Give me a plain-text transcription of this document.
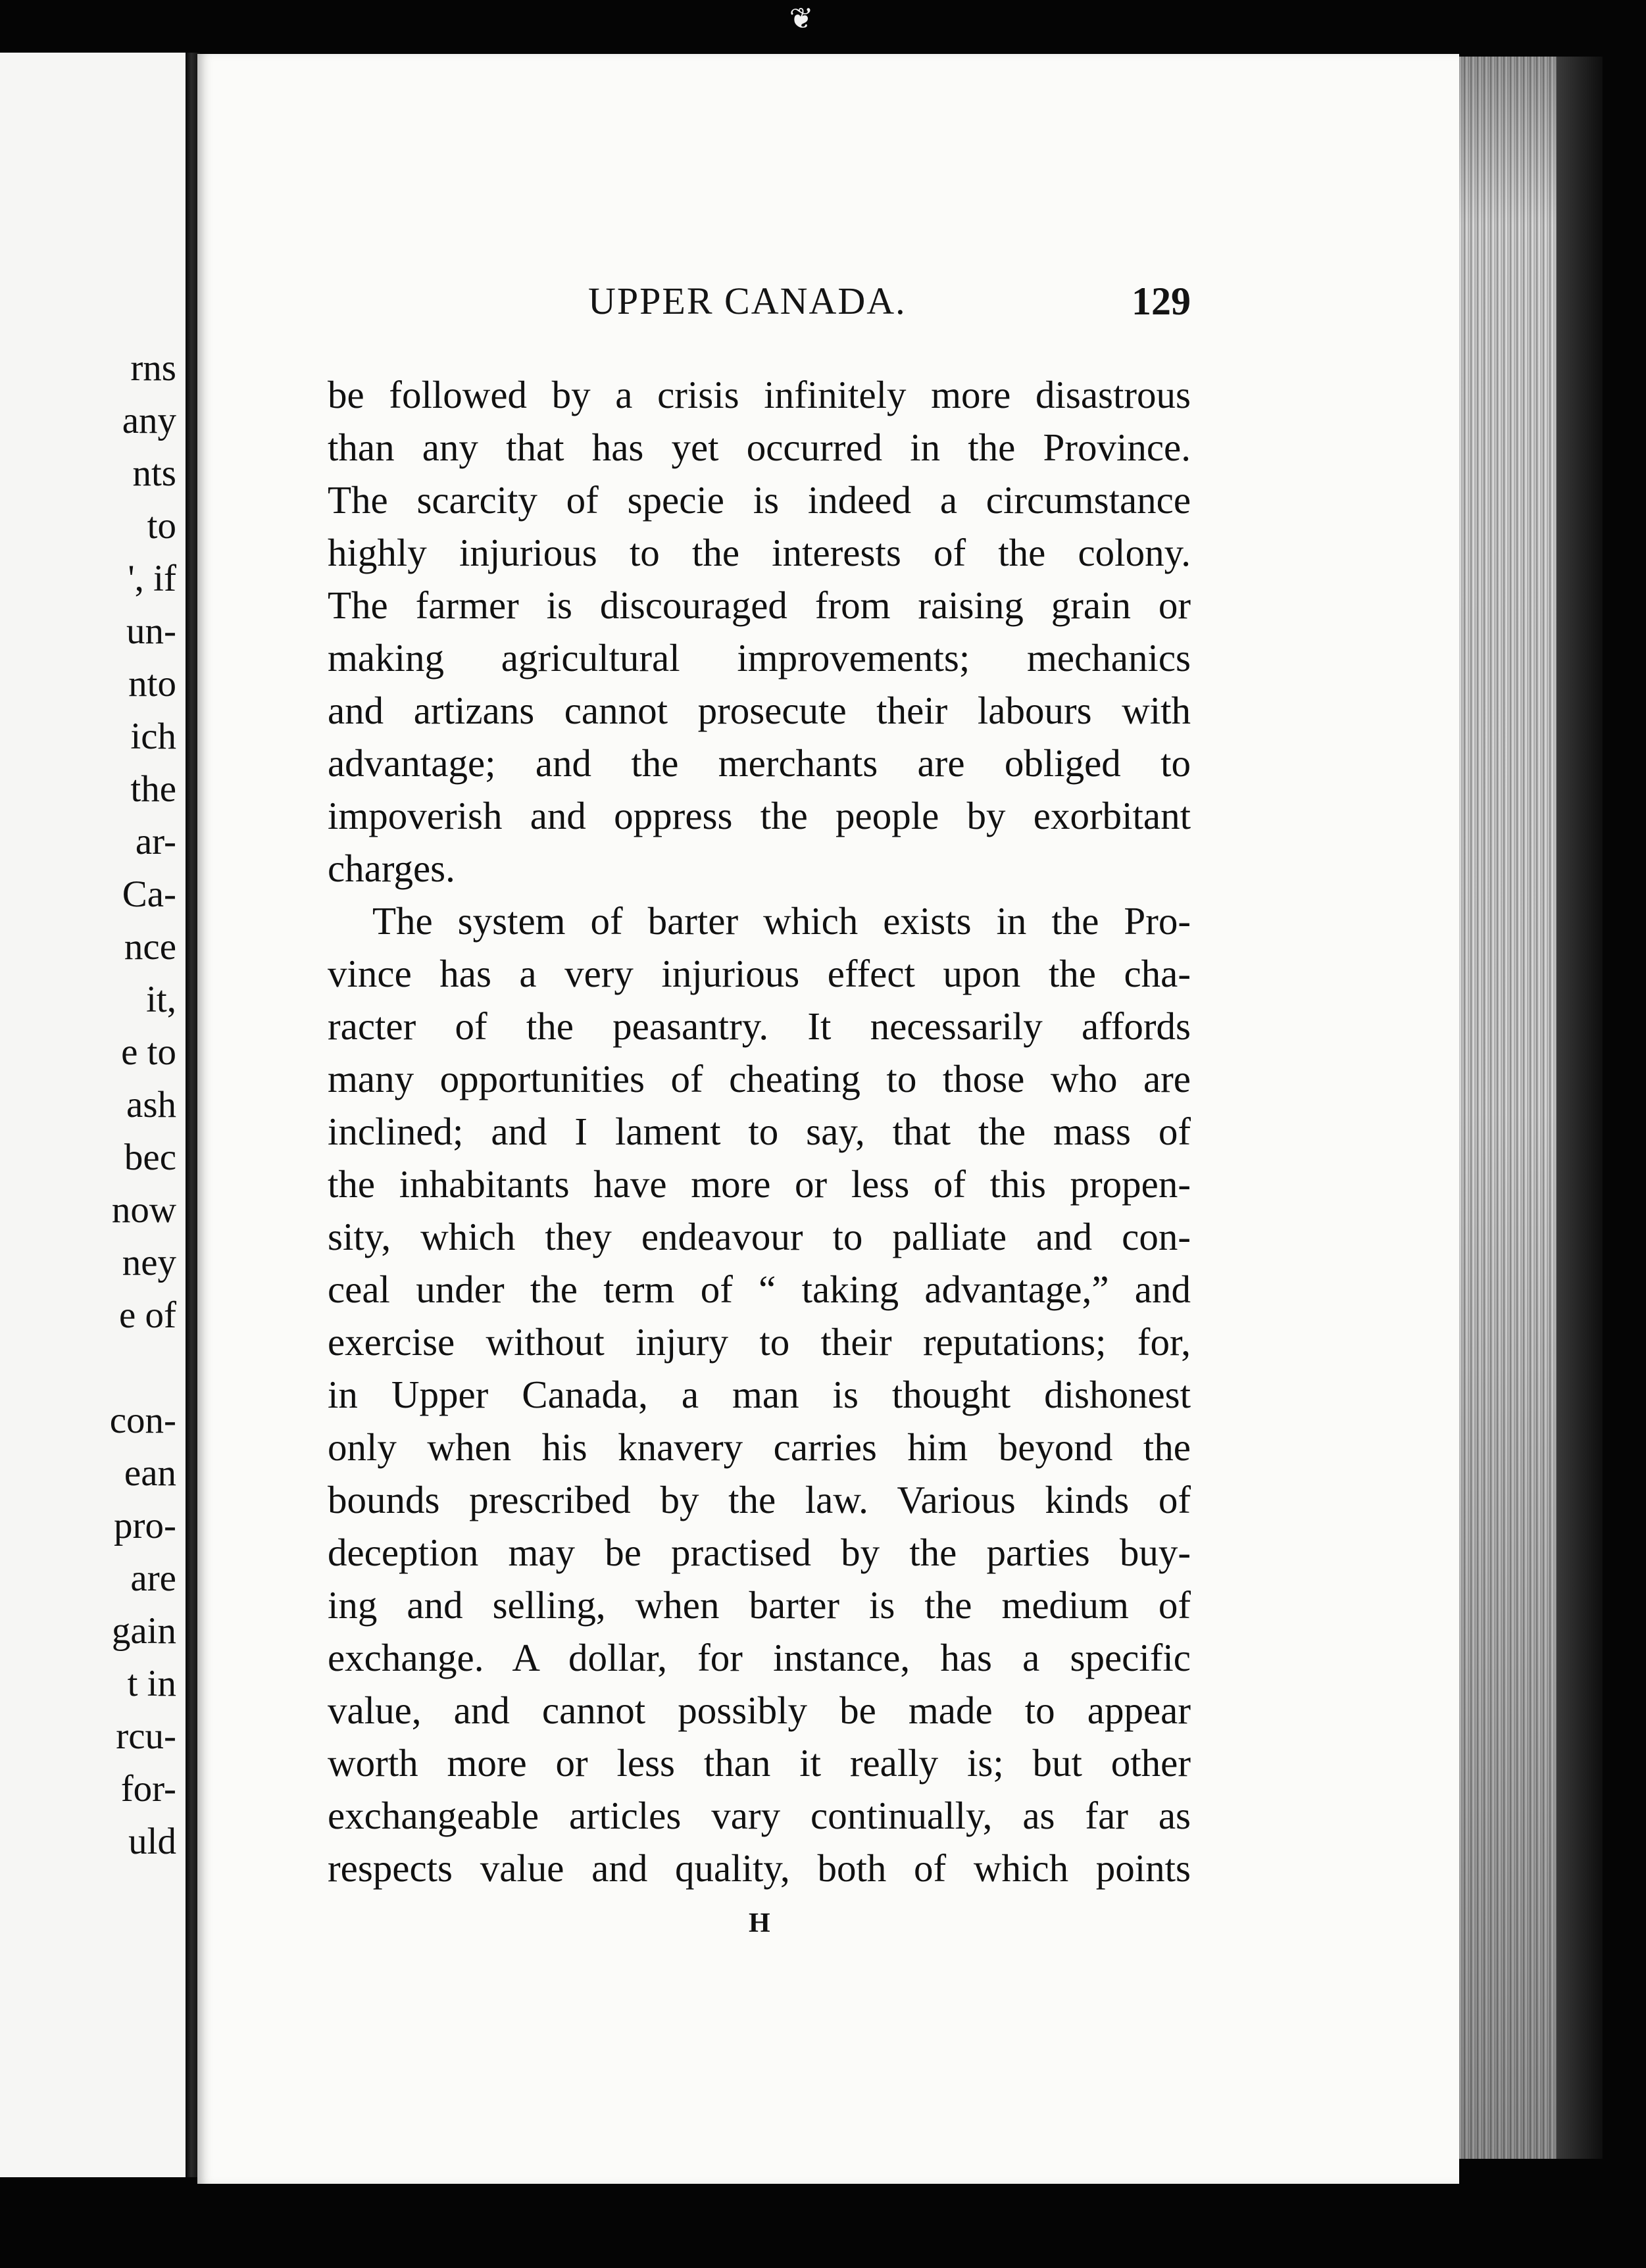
❦
rns
any
nts
to
', if
un-
nto
ich
the
ar-
Ca-
nce
it,
e to
ash
bec
now
ney
e of
con-
ean
pro-
are
gain
t in
rcu-
for-
uld
UPPER CANADA.	129
be followed by a crisis infinitely more disastrous
than any that has yet occurred in the Province.
The scarcity of specie is indeed a circumstance
highly injurious to the interests of the colony.
The farmer is discouraged from raising grain or
making agricultural improvements; mechanics
and artizans cannot prosecute their labours with
advantage; and the merchants are obliged to
impoverish and oppress the people by exorbitant
charges.
The system of barter which exists in the Pro-
vince has a very injurious effect upon the cha-
racter of the peasantry. It necessarily affords
many opportunities of cheating to those who are
inclined; and I lament to say, that the mass of
the inhabitants have more or less of this propen-
sity, which they endeavour to palliate and con-
ceal under the term of “ taking advantage,” and
exercise without injury to their reputations; for,
in Upper Canada, a man is thought dishonest
only when his knavery carries him beyond the
bounds prescribed by the law. Various kinds of
deception may be practised by the parties buy-
ing and selling, when barter is the medium of
exchange. A dollar, for instance, has a specific
value, and cannot possibly be made to appear
worth more or less than it really is; but other
exchangeable articles vary continually, as far as
respects value and quality, both of which points
H
